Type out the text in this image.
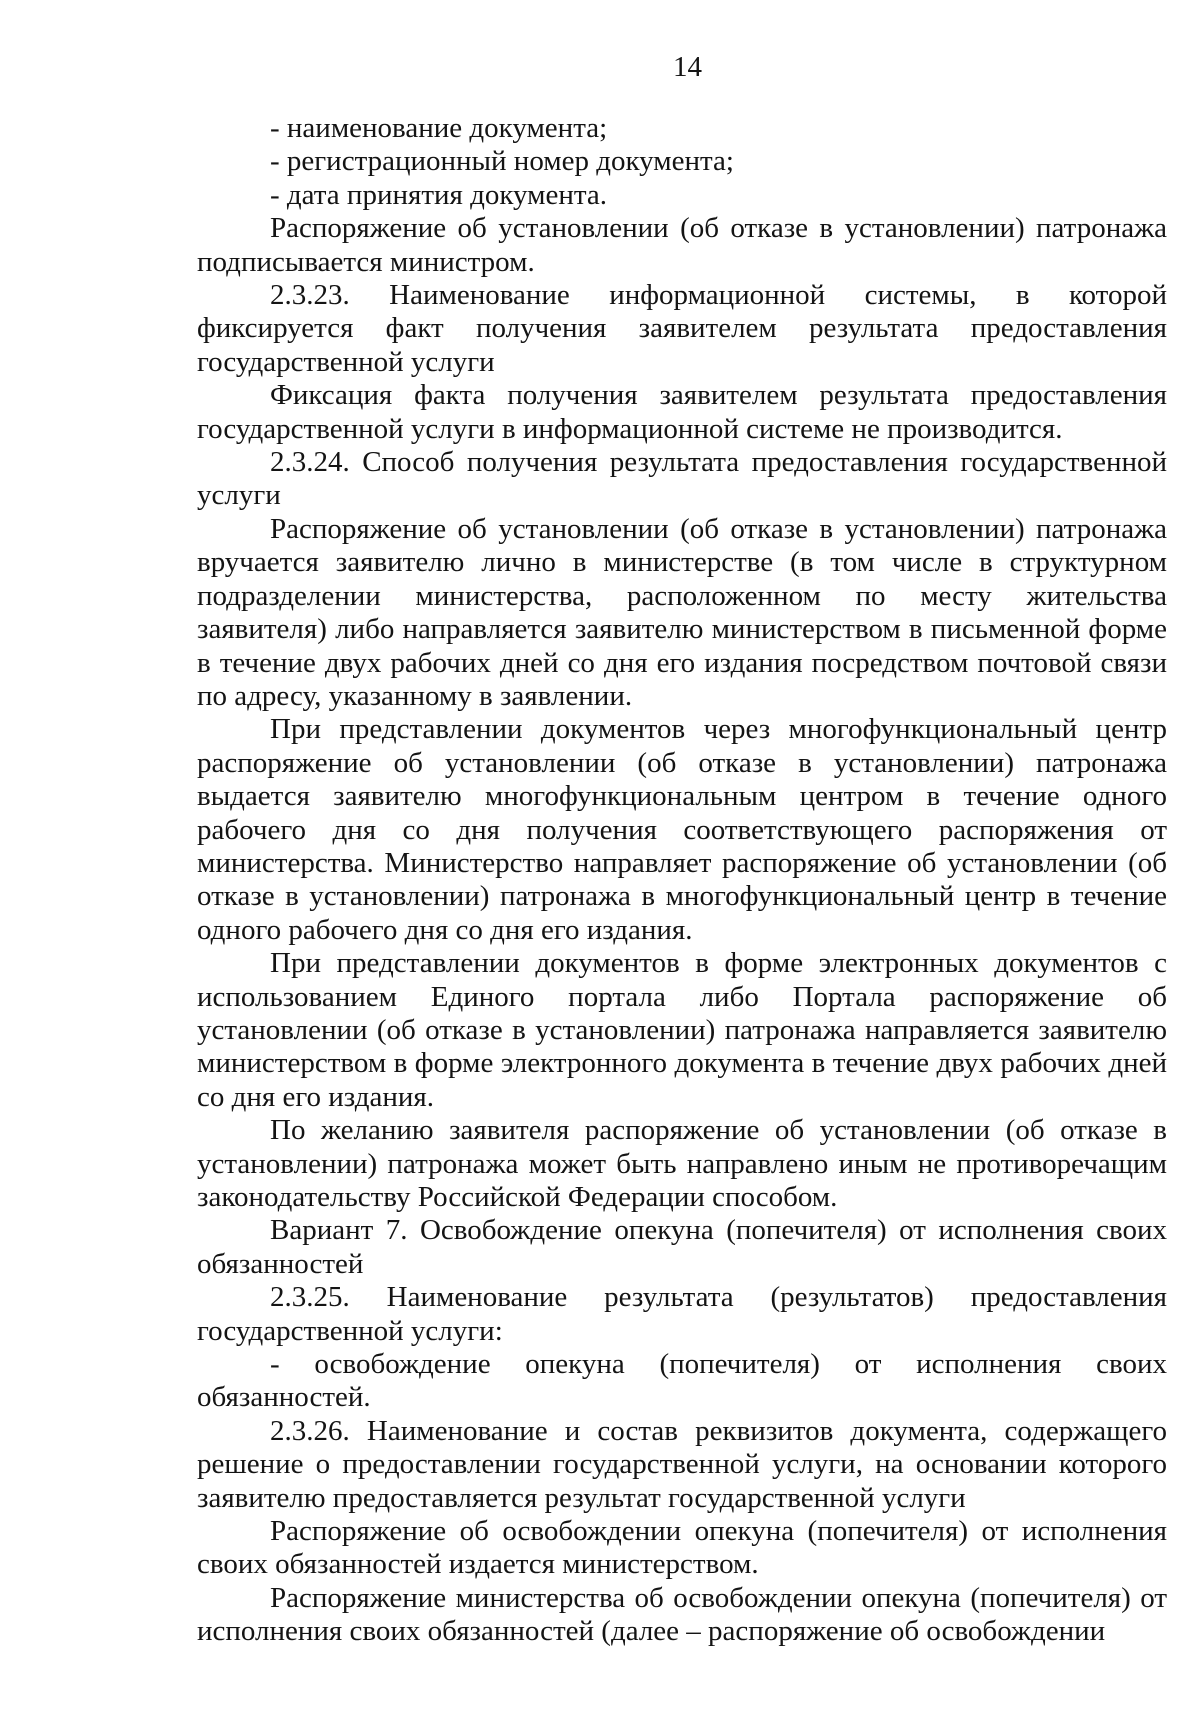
14

- наименование документа;

- регистрационный номер документа;

- дата принятия документа.

Распоряжение об установлении (об отказе в установлении) патронажа подписывается министром.

2.3.23. Наименование информационной системы, в которой фиксируется факт получения заявителем результата предоставления государственной услуги

Фиксация факта получения заявителем результата предоставления государственной услуги в информационной системе не производится.

2.3.24. Способ получения результата предоставления государственной услуги

Распоряжение об установлении (об отказе в установлении) патронажа вручается заявителю лично в министерстве (в том числе в структурном подразделении министерства, расположенном по месту жительства заявителя) либо направляется заявителю министерством в письменной форме в течение двух рабочих дней со дня его издания посредством почтовой связи по адресу, указанному в заявлении.

При представлении документов через многофункциональный центр распоряжение об установлении (об отказе в установлении) патронажа выдается заявителю многофункциональным центром в течение одного рабочего дня со дня получения соответствующего распоряжения от министерства. Министерство направляет распоряжение об установлении (об отказе в установлении) патронажа в многофункциональный центр в течение одного рабочего дня со дня его издания.

При представлении документов в форме электронных документов с использованием Единого портала либо Портала распоряжение об установлении (об отказе в установлении) патронажа направляется заявителю министерством в форме электронного документа в течение двух рабочих дней со дня его издания.

По желанию заявителя распоряжение об установлении (об отказе в установлении) патронажа может быть направлено иным не противоречащим законодательству Российской Федерации способом.

Вариант 7. Освобождение опекуна (попечителя) от исполнения своих обязанностей

2.3.25. Наименование результата (результатов) предоставления государственной услуги:

- освобождение опекуна (попечителя) от исполнения своих обязанностей.

2.3.26. Наименование и состав реквизитов документа, содержащего решение о предоставлении государственной услуги, на основании которого заявителю предоставляется результат государственной услуги

Распоряжение об освобождении опекуна (попечителя) от исполнения своих обязанностей издается министерством.

Распоряжение министерства об освобождении опекуна (попечителя) от исполнения своих обязанностей (далее – распоряжение об освобождении
